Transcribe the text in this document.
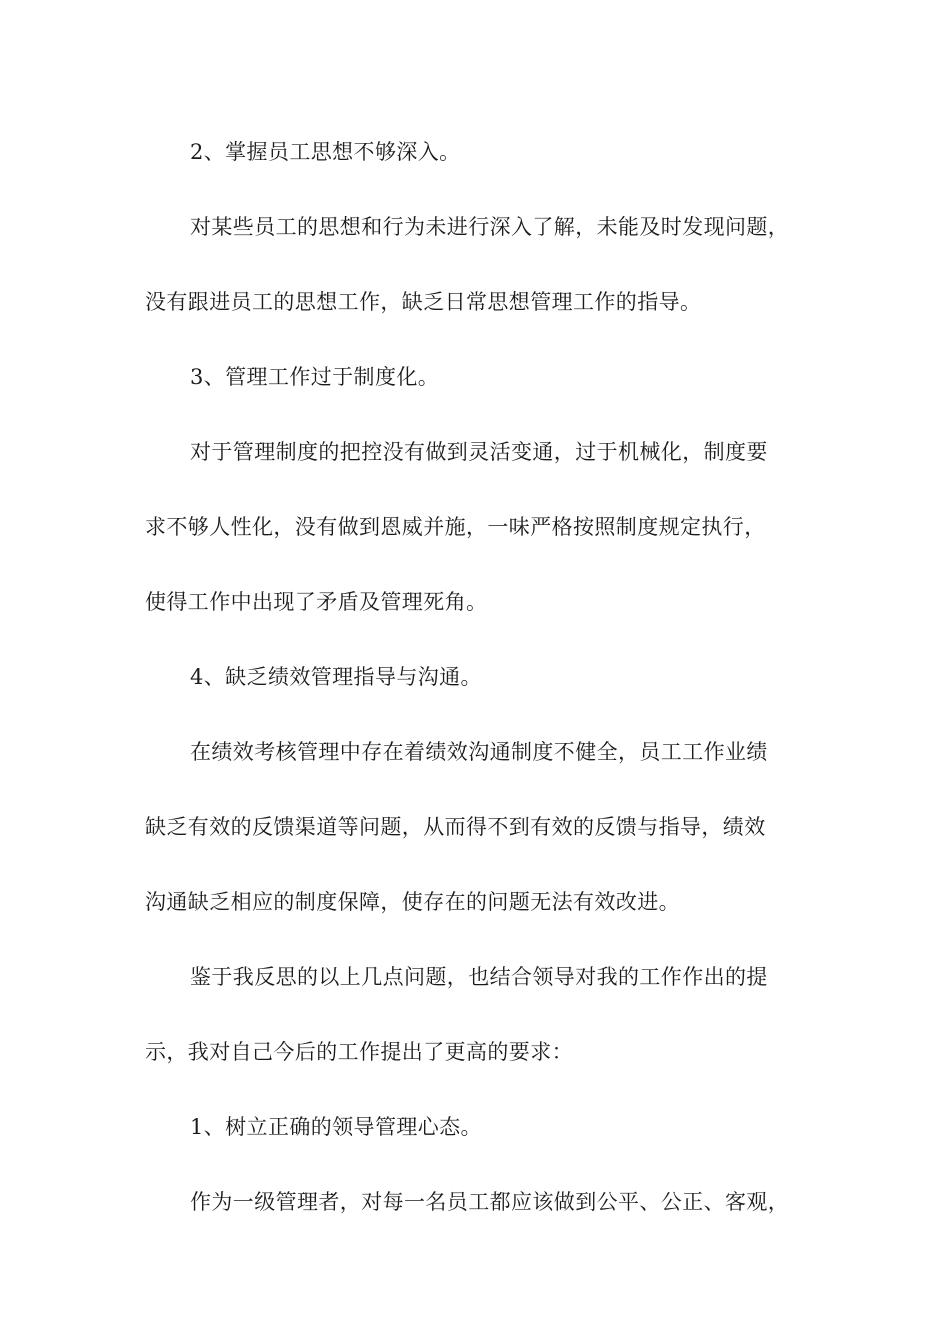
2、掌握员工思想不够深入。
对某些员工的思想和行为未进行深入了解，未能及时发现问题，
没有跟进员工的思想工作，缺乏日常思想管理工作的指导。
3、管理工作过于制度化。
对于管理制度的把控没有做到灵活变通，过于机械化，制度要
求不够人性化，没有做到恩威并施，一味严格按照制度规定执行，
使得工作中出现了矛盾及管理死角。
4、缺乏绩效管理指导与沟通。
在绩效考核管理中存在着绩效沟通制度不健全，员工工作业绩
缺乏有效的反馈渠道等问题，从而得不到有效的反馈与指导，绩效
沟通缺乏相应的制度保障，使存在的问题无法有效改进。
鉴于我反思的以上几点问题，也结合领导对我的工作作出的提
示，我对自己今后的工作提出了更高的要求：
1、树立正确的领导管理心态。
作为一级管理者，对每一名员工都应该做到公平、公正、客观，
